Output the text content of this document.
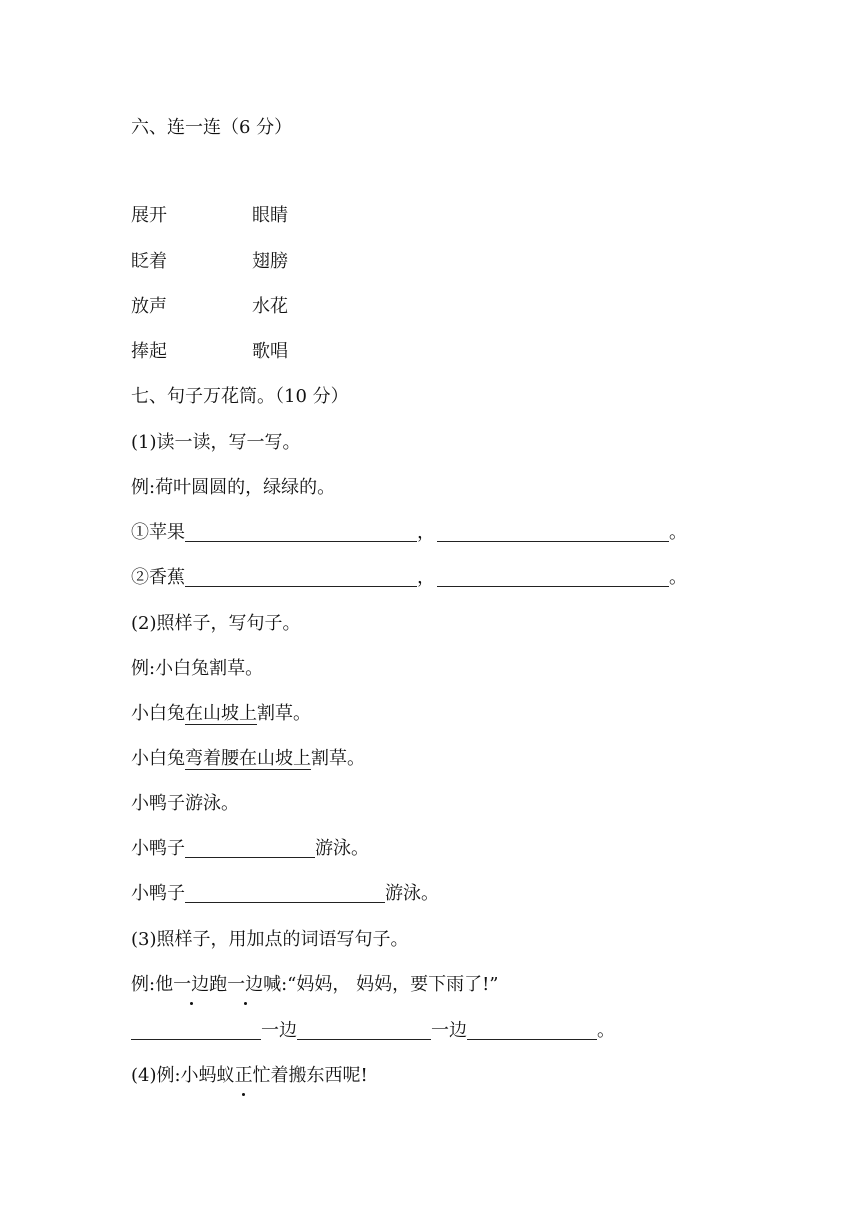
六、连一连（6 分）
展开	眼睛
眨着	翅膀
放声	水花
捧起	歌唱
七、句子万花筒。（10 分）
(1)读一读，写一写。
例:荷叶圆圆的，绿绿的。
①苹果	，	。
②香蕉	，	。
(2)照样子，写句子。
例:小白兔割草。
小白兔在山坡上割草。
小白兔弯着腰在山坡上割草。
小鸭子游泳。
小鸭子	游泳。
小鸭子	游泳。
(3)照样子，用加点的词语写句子。
例:他一边跑一边喊:“妈妈， 妈妈，要下雨了!”
一边	一边	。
(4)例:小蚂蚁正忙着搬东西呢!
